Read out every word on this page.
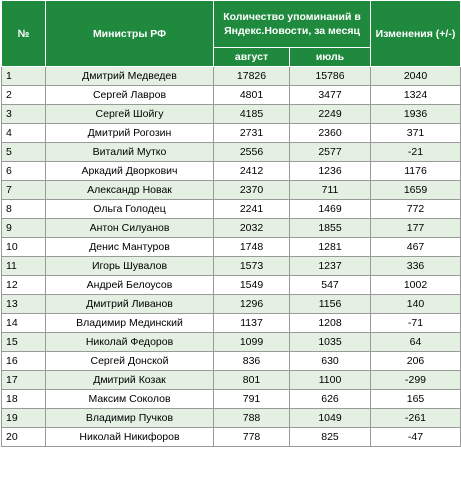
№	Министры РФ	Количество упоминаний в Яндекс.Новости, за месяц		Изменения (+/-)
		август	июль	
1	Дмитрий Медведев	17826	15786	2040
2	Сергей Лавров	4801	3477	1324
3	Сергей Шойгу	4185	2249	1936
4	Дмитрий Рогозин	2731	2360	371
5	Виталий Мутко	2556	2577	-21
6	Аркадий Дворкович	2412	1236	1176
7	Александр Новак	2370	711	1659
8	Ольга Голодец	2241	1469	772
9	Антон Силуанов	2032	1855	177
10	Денис Мантуров	1748	1281	467
11	Игорь Шувалов	1573	1237	336
12	Андрей Белоусов	1549	547	1002
13	Дмитрий Ливанов	1296	1156	140
14	Владимир Мединский	1137	1208	-71
15	Николай Федоров	1099	1035	64
16	Сергей Донской	836	630	206
17	Дмитрий Козак	801	1100	-299
18	Максим Соколов	791	626	165
19	Владимир Пучков	788	1049	-261
20	Николай Никифоров	778	825	-47
